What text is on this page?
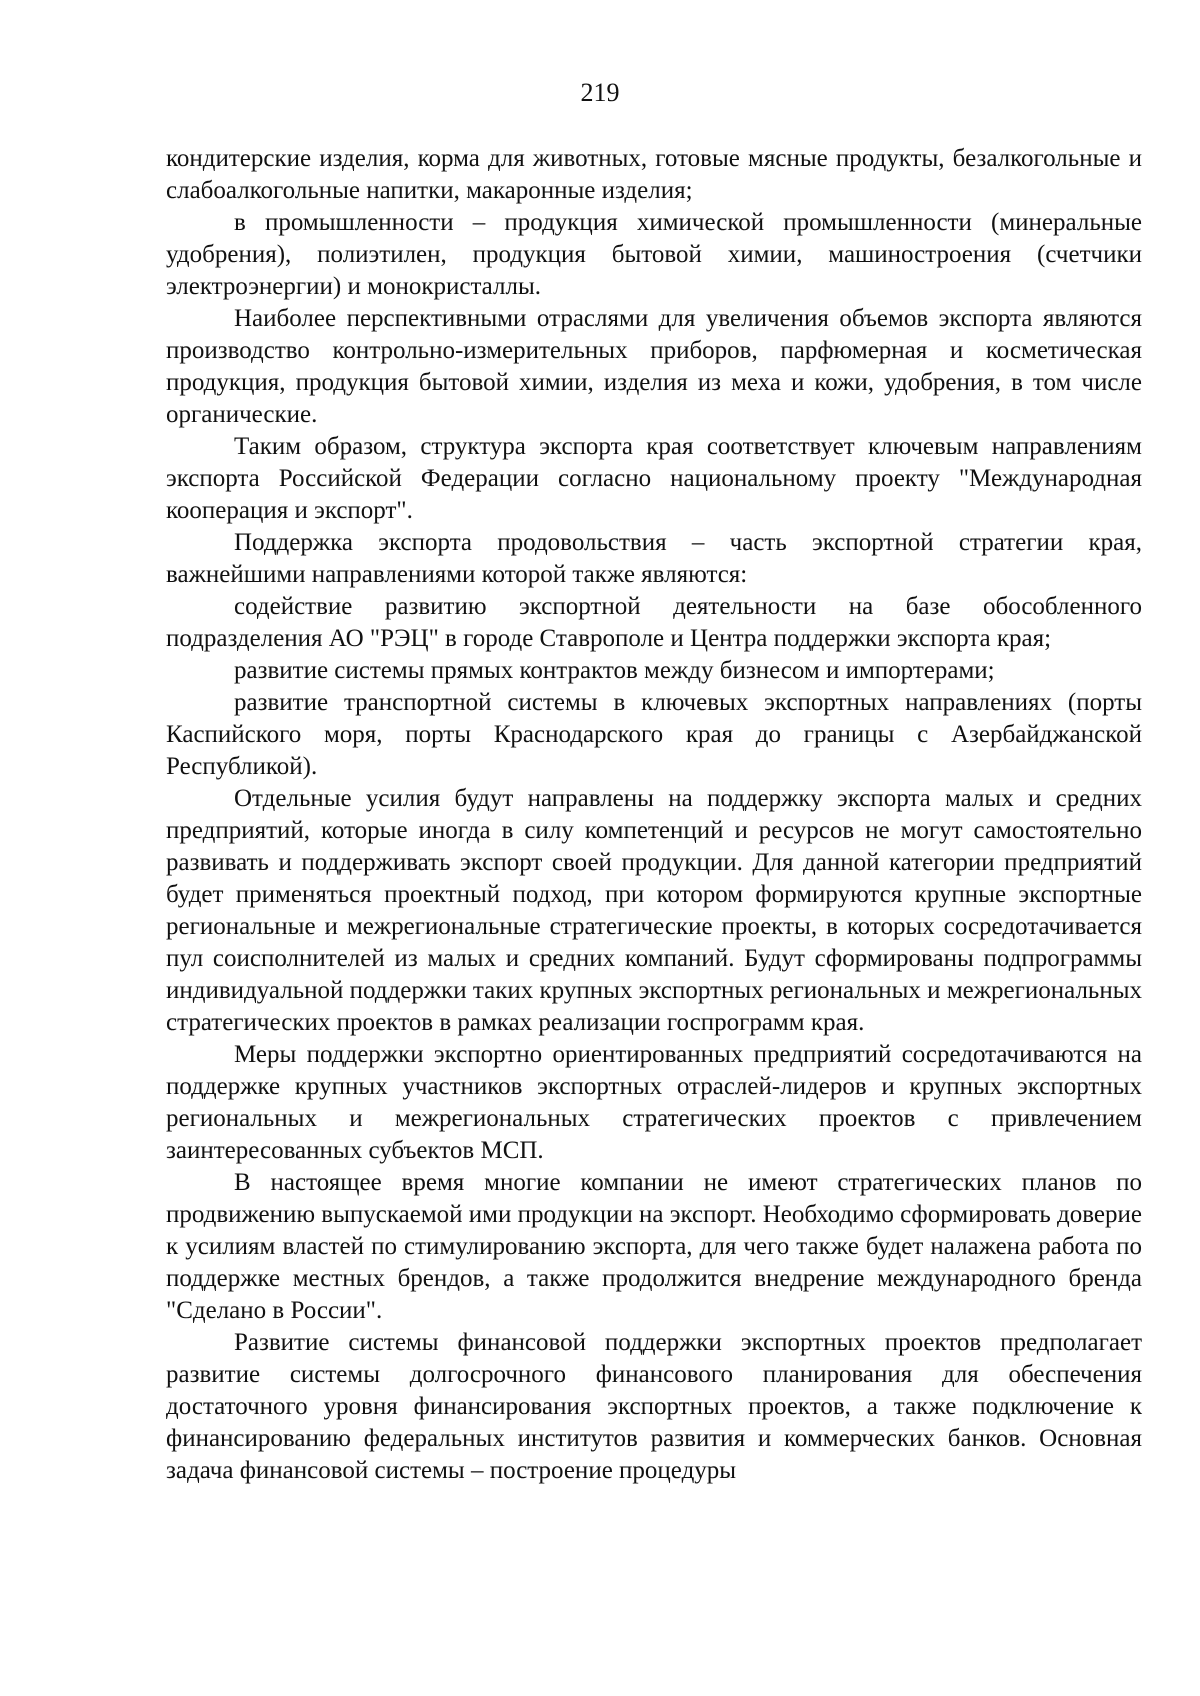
219

кондитерские изделия, корма для животных, готовые мясные продукты, безалкогольные и слабоалкогольные напитки, макаронные изделия;

в промышленности – продукция химической промышленности (минеральные удобрения), полиэтилен, продукция бытовой химии, машиностроения (счетчики электроэнергии) и монокристаллы.

Наиболее перспективными отраслями для увеличения объемов экспорта являются производство контрольно-измерительных приборов, парфюмерная и косметическая продукция, продукция бытовой химии, изделия из меха и кожи, удобрения, в том числе органические.

Таким образом, структура экспорта края соответствует ключевым направлениям экспорта Российской Федерации согласно национальному проекту "Международная кооперация и экспорт".

Поддержка экспорта продовольствия – часть экспортной стратегии края, важнейшими направлениями которой также являются:

содействие развитию экспортной деятельности на базе обособленного подразделения АО "РЭЦ" в городе Ставрополе и Центра поддержки экспорта края;

развитие системы прямых контрактов между бизнесом и импортерами;

развитие транспортной системы в ключевых экспортных направлениях (порты Каспийского моря, порты Краснодарского края до границы с Азербайджанской Республикой).

Отдельные усилия будут направлены на поддержку экспорта малых и средних предприятий, которые иногда в силу компетенций и ресурсов не могут самостоятельно развивать и поддерживать экспорт своей продукции. Для данной категории предприятий будет применяться проектный подход, при котором формируются крупные экспортные региональные и межрегиональные стратегические проекты, в которых сосредотачивается пул соисполнителей из малых и средних компаний. Будут сформированы подпрограммы индивидуальной поддержки таких крупных экспортных региональных и межрегиональных стратегических проектов в рамках реализации госпрограмм края.

Меры поддержки экспортно ориентированных предприятий сосредотачиваются на поддержке крупных участников экспортных отраслей-лидеров и крупных экспортных региональных и межрегиональных стратегических проектов с привлечением заинтересованных субъектов МСП.

В настоящее время многие компании не имеют стратегических планов по продвижению выпускаемой ими продукции на экспорт. Необходимо сформировать доверие к усилиям властей по стимулированию экспорта, для чего также будет налажена работа по поддержке местных брендов, а также продолжится внедрение международного бренда "Сделано в России".

Развитие системы финансовой поддержки экспортных проектов предполагает развитие системы долгосрочного финансового планирования для обеспечения достаточного уровня финансирования экспортных проектов, а также подключение к финансированию федеральных институтов развития и коммерческих банков. Основная задача финансовой системы – построение процедуры
